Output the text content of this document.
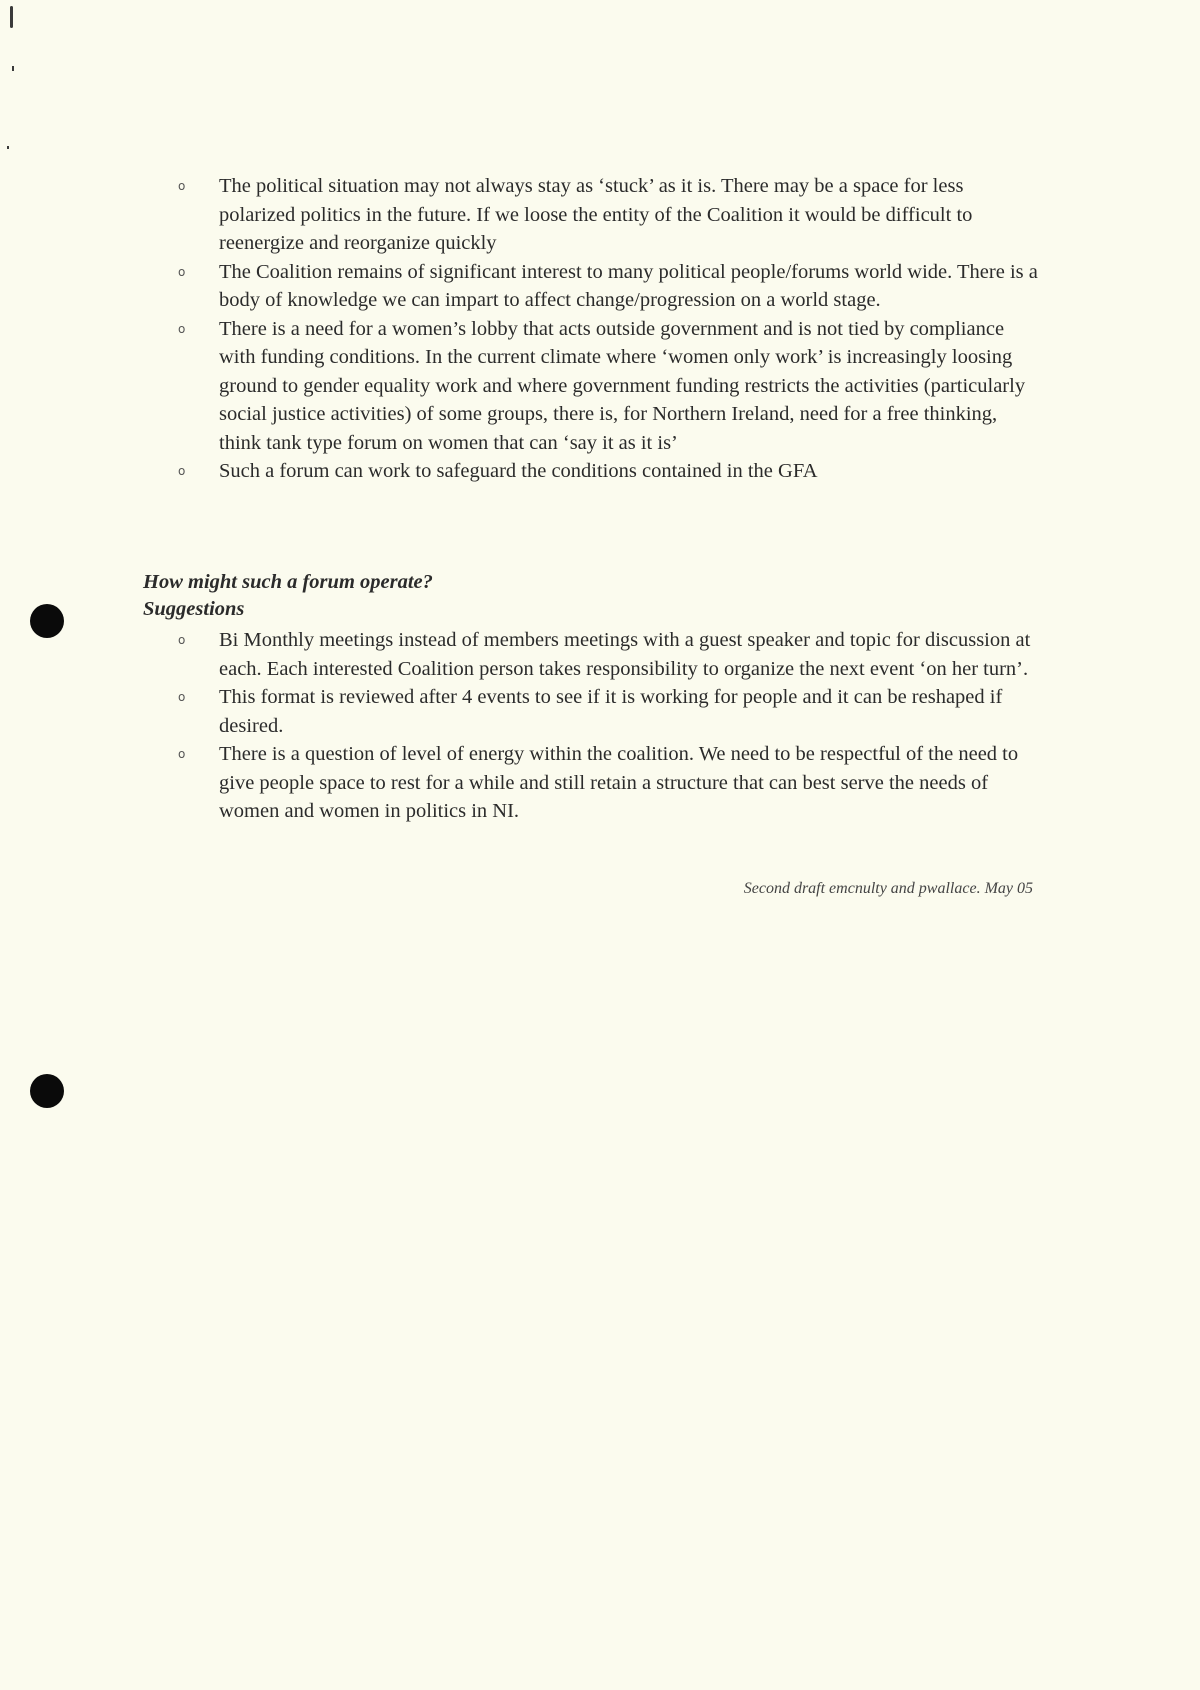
o The political situation may not always stay as ‘stuck’ as it is. There may be a space for less polarized politics in the future. If we loose the entity of the Coalition it would be difficult to reenergize and reorganize quickly
o The Coalition remains of significant interest to many political people/forums world wide. There is a body of knowledge we can impart to affect change/progression on a world stage.
o There is a need for a women’s lobby that acts outside government and is not tied by compliance with funding conditions. In the current climate where ‘women only work’ is increasingly loosing ground to gender equality work and where government funding restricts the activities (particularly social justice activities) of some groups, there is, for Northern Ireland, need for a free thinking, think tank type forum on women that can ‘say it as it is’
o Such a forum can work to safeguard the conditions contained in the GFA

How might such a forum operate?

Suggestions

o Bi Monthly meetings instead of members meetings with a guest speaker and topic for discussion at each. Each interested Coalition person takes responsibility to organize the next event ‘on her turn’.
o This format is reviewed after 4 events to see if it is working for people and it can be reshaped if desired.
o There is a question of level of energy within the coalition. We need to be respectful of the need to give people space to rest for a while and still retain a structure that can best serve the needs of women and women in politics in NI.
Second draft emcnulty and pwallace. May 05
